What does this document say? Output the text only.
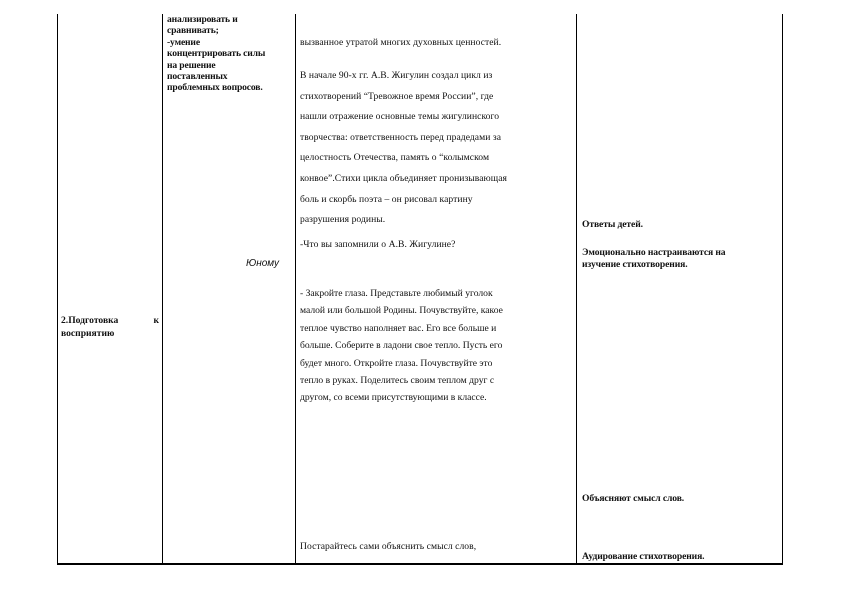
2.Подготовка к восприятию
анализировать и
сравнивать;
-умение
концентрировать силы
на решение
поставленных
проблемных вопросов.
Юному
вызванное утратой многих духовных ценностей.
В начале 90-х гг. А.В. Жигулин создал цикл из
стихотворений “Тревожное время России”, где
нашли отражение основные темы жигулинского
творчества: ответственность перед прадедами за
целостность Отечества, память о “колымском
конвое”.Стихи цикла объединяет пронизывающая
боль и скорбь поэта – он рисовал картину
разрушения родины.
-Что вы запомнили о А.В. Жигулине?
- Закройте глаза. Представьте любимый уголок
малой или большой Родины. Почувствуйте, какое
теплое чувство наполняет вас. Его все больше и
больше. Соберите в ладони свое тепло. Пусть его
будет много. Откройте глаза. Почувствуйте это
тепло в руках. Поделитесь своим теплом друг с
другом, со всеми присутствующими в классе.
Постарайтесь сами объяснить смысл слов,
Ответы детей.
Эмоционально настраиваются на
изучение стихотворения.
Объясняют смысл слов.
Аудирование стихотворения.
